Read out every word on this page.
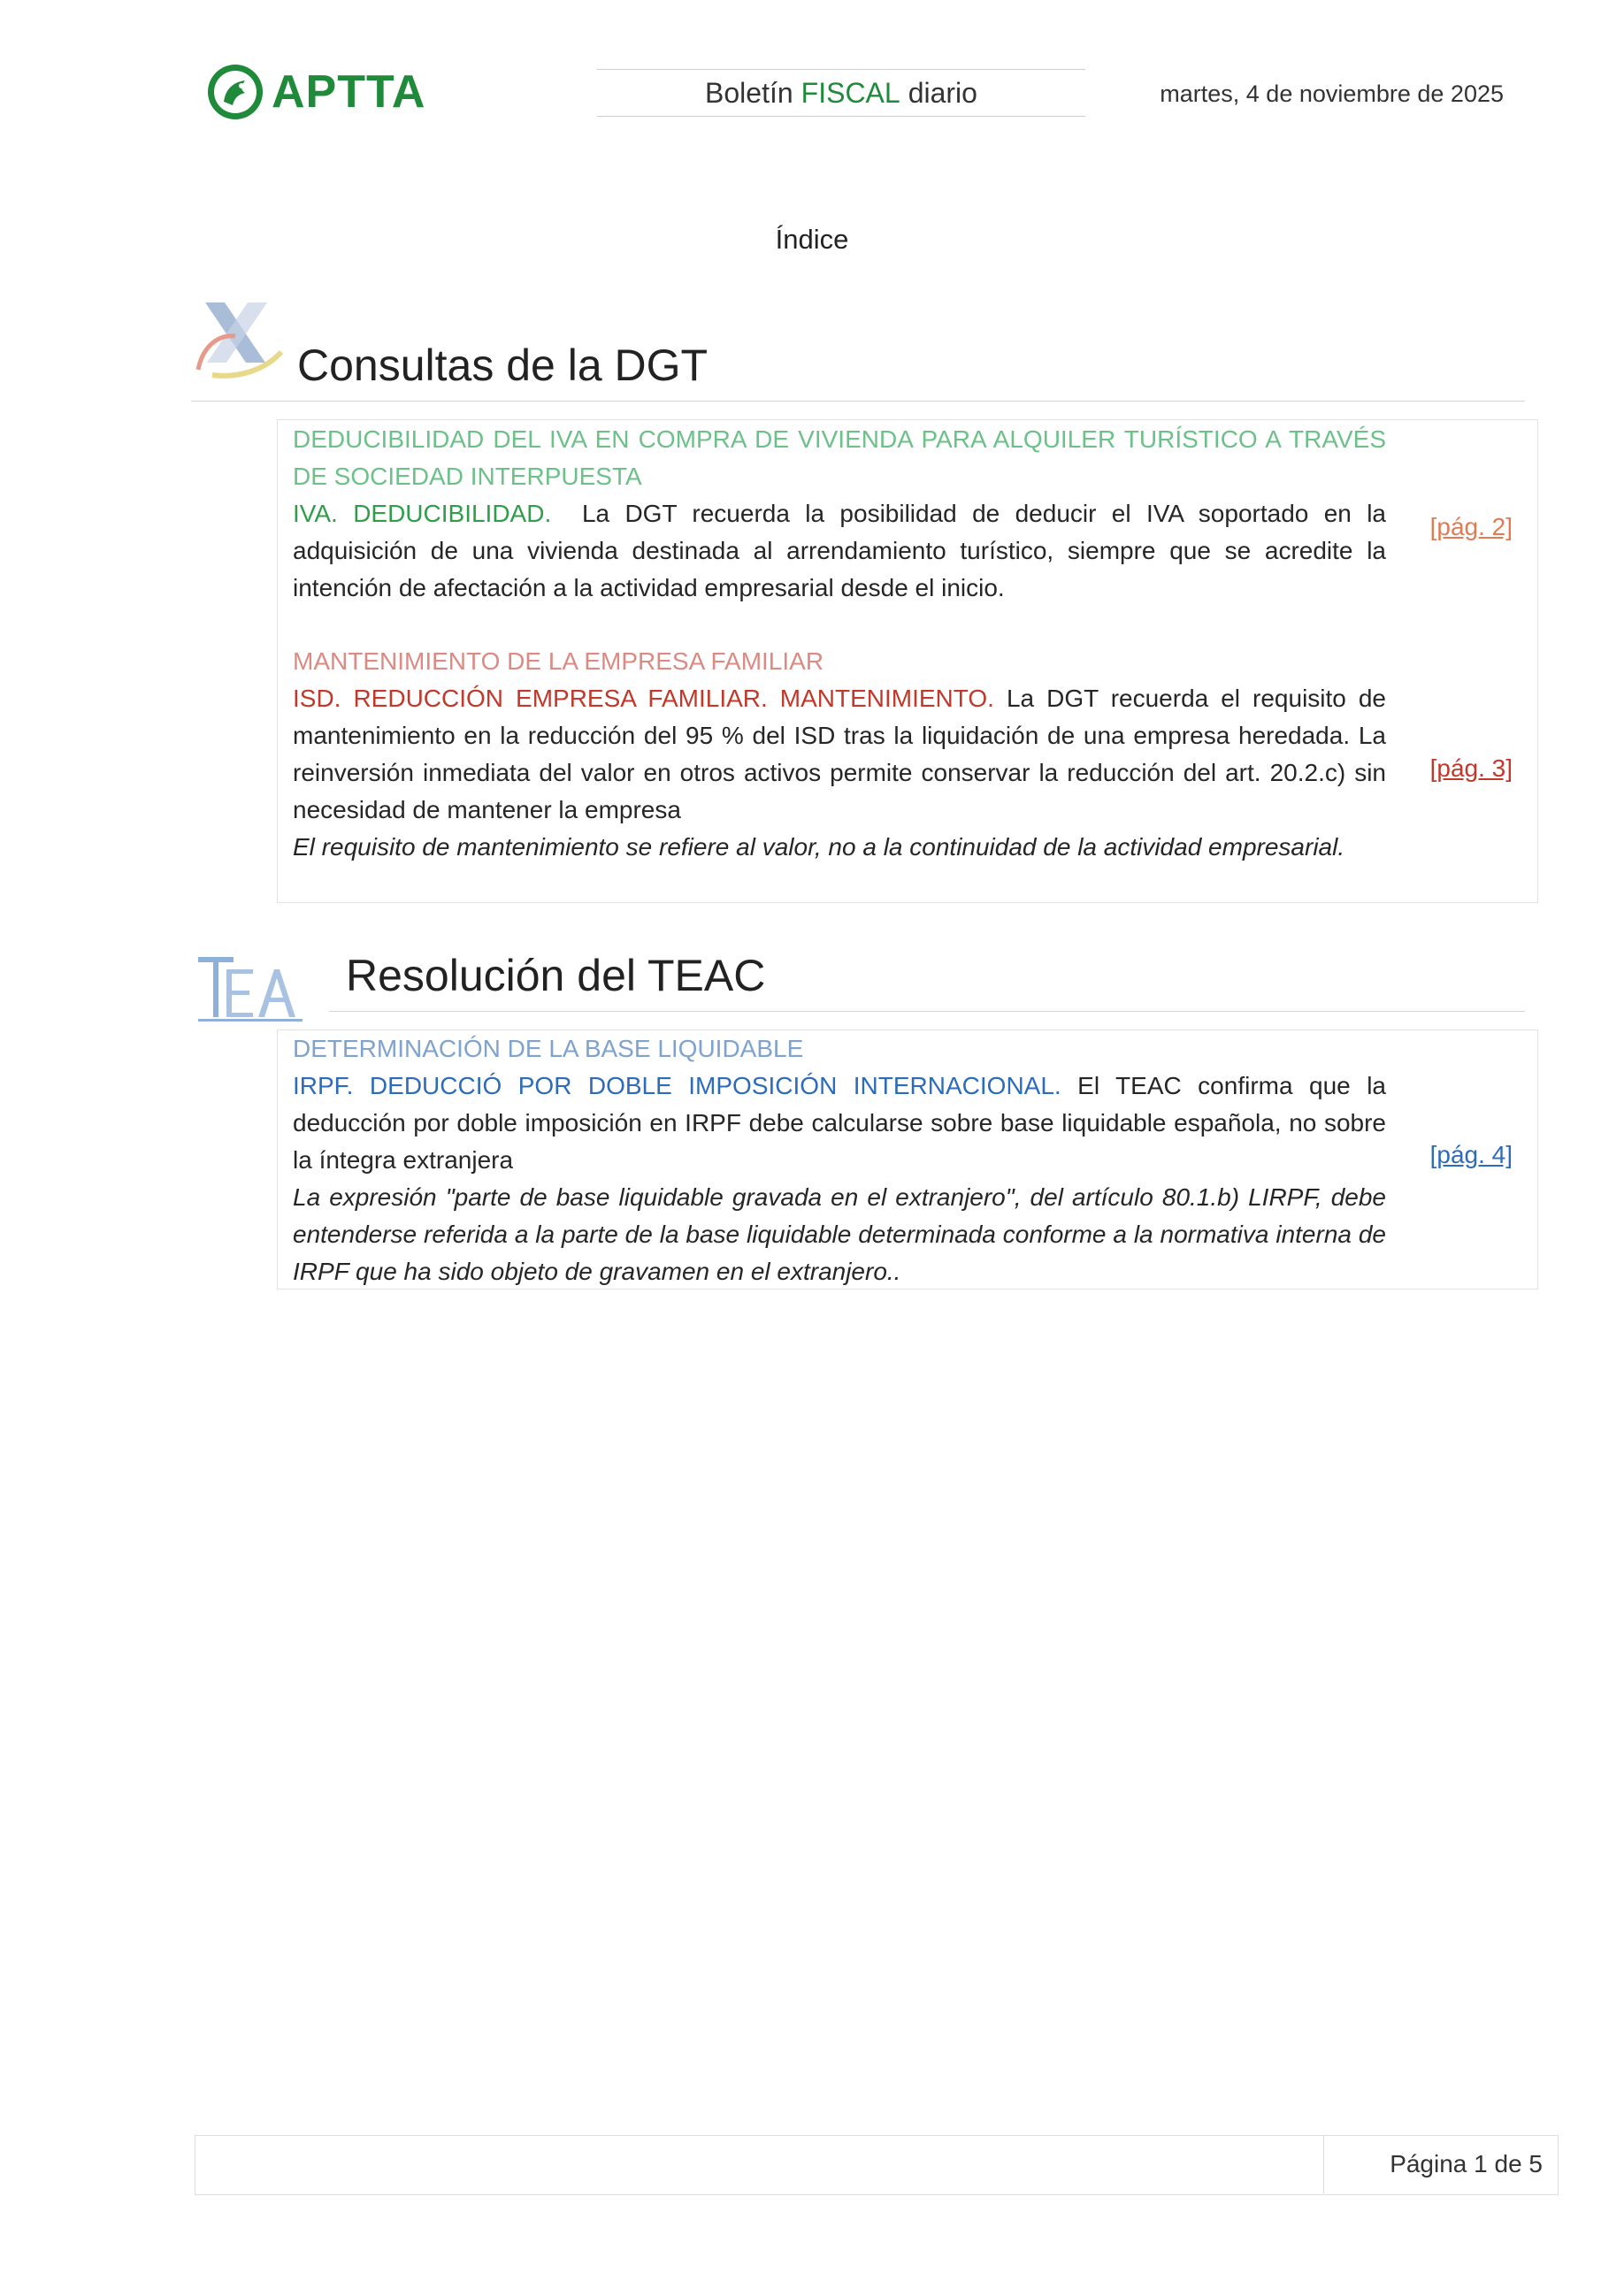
APTTA	Boletín FISCAL diario	martes, 4 de noviembre de 2025
Índice
Consultas de la DGT

DEDUCIBILIDAD DEL IVA EN COMPRA DE VIVIENDA PARA ALQUILER TURÍSTICO A TRAVÉS DE SOCIEDAD INTERPUESTA

IVA. DEDUCIBILIDAD. La DGT recuerda la posibilidad de deducir el IVA soportado en la adquisición de una vivienda destinada al arrendamiento turístico, siempre que se acredite la intención de afectación a la actividad empresarial desde el inicio.

[pág. 2]

MANTENIMIENTO DE LA EMPRESA FAMILIAR

ISD. REDUCCIÓN EMPRESA FAMILIAR. MANTENIMIENTO. La DGT recuerda el requisito de mantenimiento en la reducción del 95 % del ISD tras la liquidación de una empresa heredada. La reinversión inmediata del valor en otros activos permite conservar la reducción del art. 20.2.c) sin necesidad de mantener la empresa

El requisito de mantenimiento se refiere al valor, no a la continuidad de la actividad empresarial.

[pág. 3]
Resolución del TEAC

DETERMINACIÓN DE LA BASE LIQUIDABLE

IRPF. DEDUCCIÓ POR DOBLE IMPOSICIÓN INTERNACIONAL. El TEAC confirma que la deducción por doble imposición en IRPF debe calcularse sobre base liquidable española, no sobre la íntegra extranjera

La expresión "parte de base liquidable gravada en el extranjero", del artículo 80.1.b) LIRPF, debe entenderse referida a la parte de la base liquidable determinada conforme a la normativa interna de IRPF que ha sido objeto de gravamen en el extranjero..

[pág. 4]
Página 1 de 5
